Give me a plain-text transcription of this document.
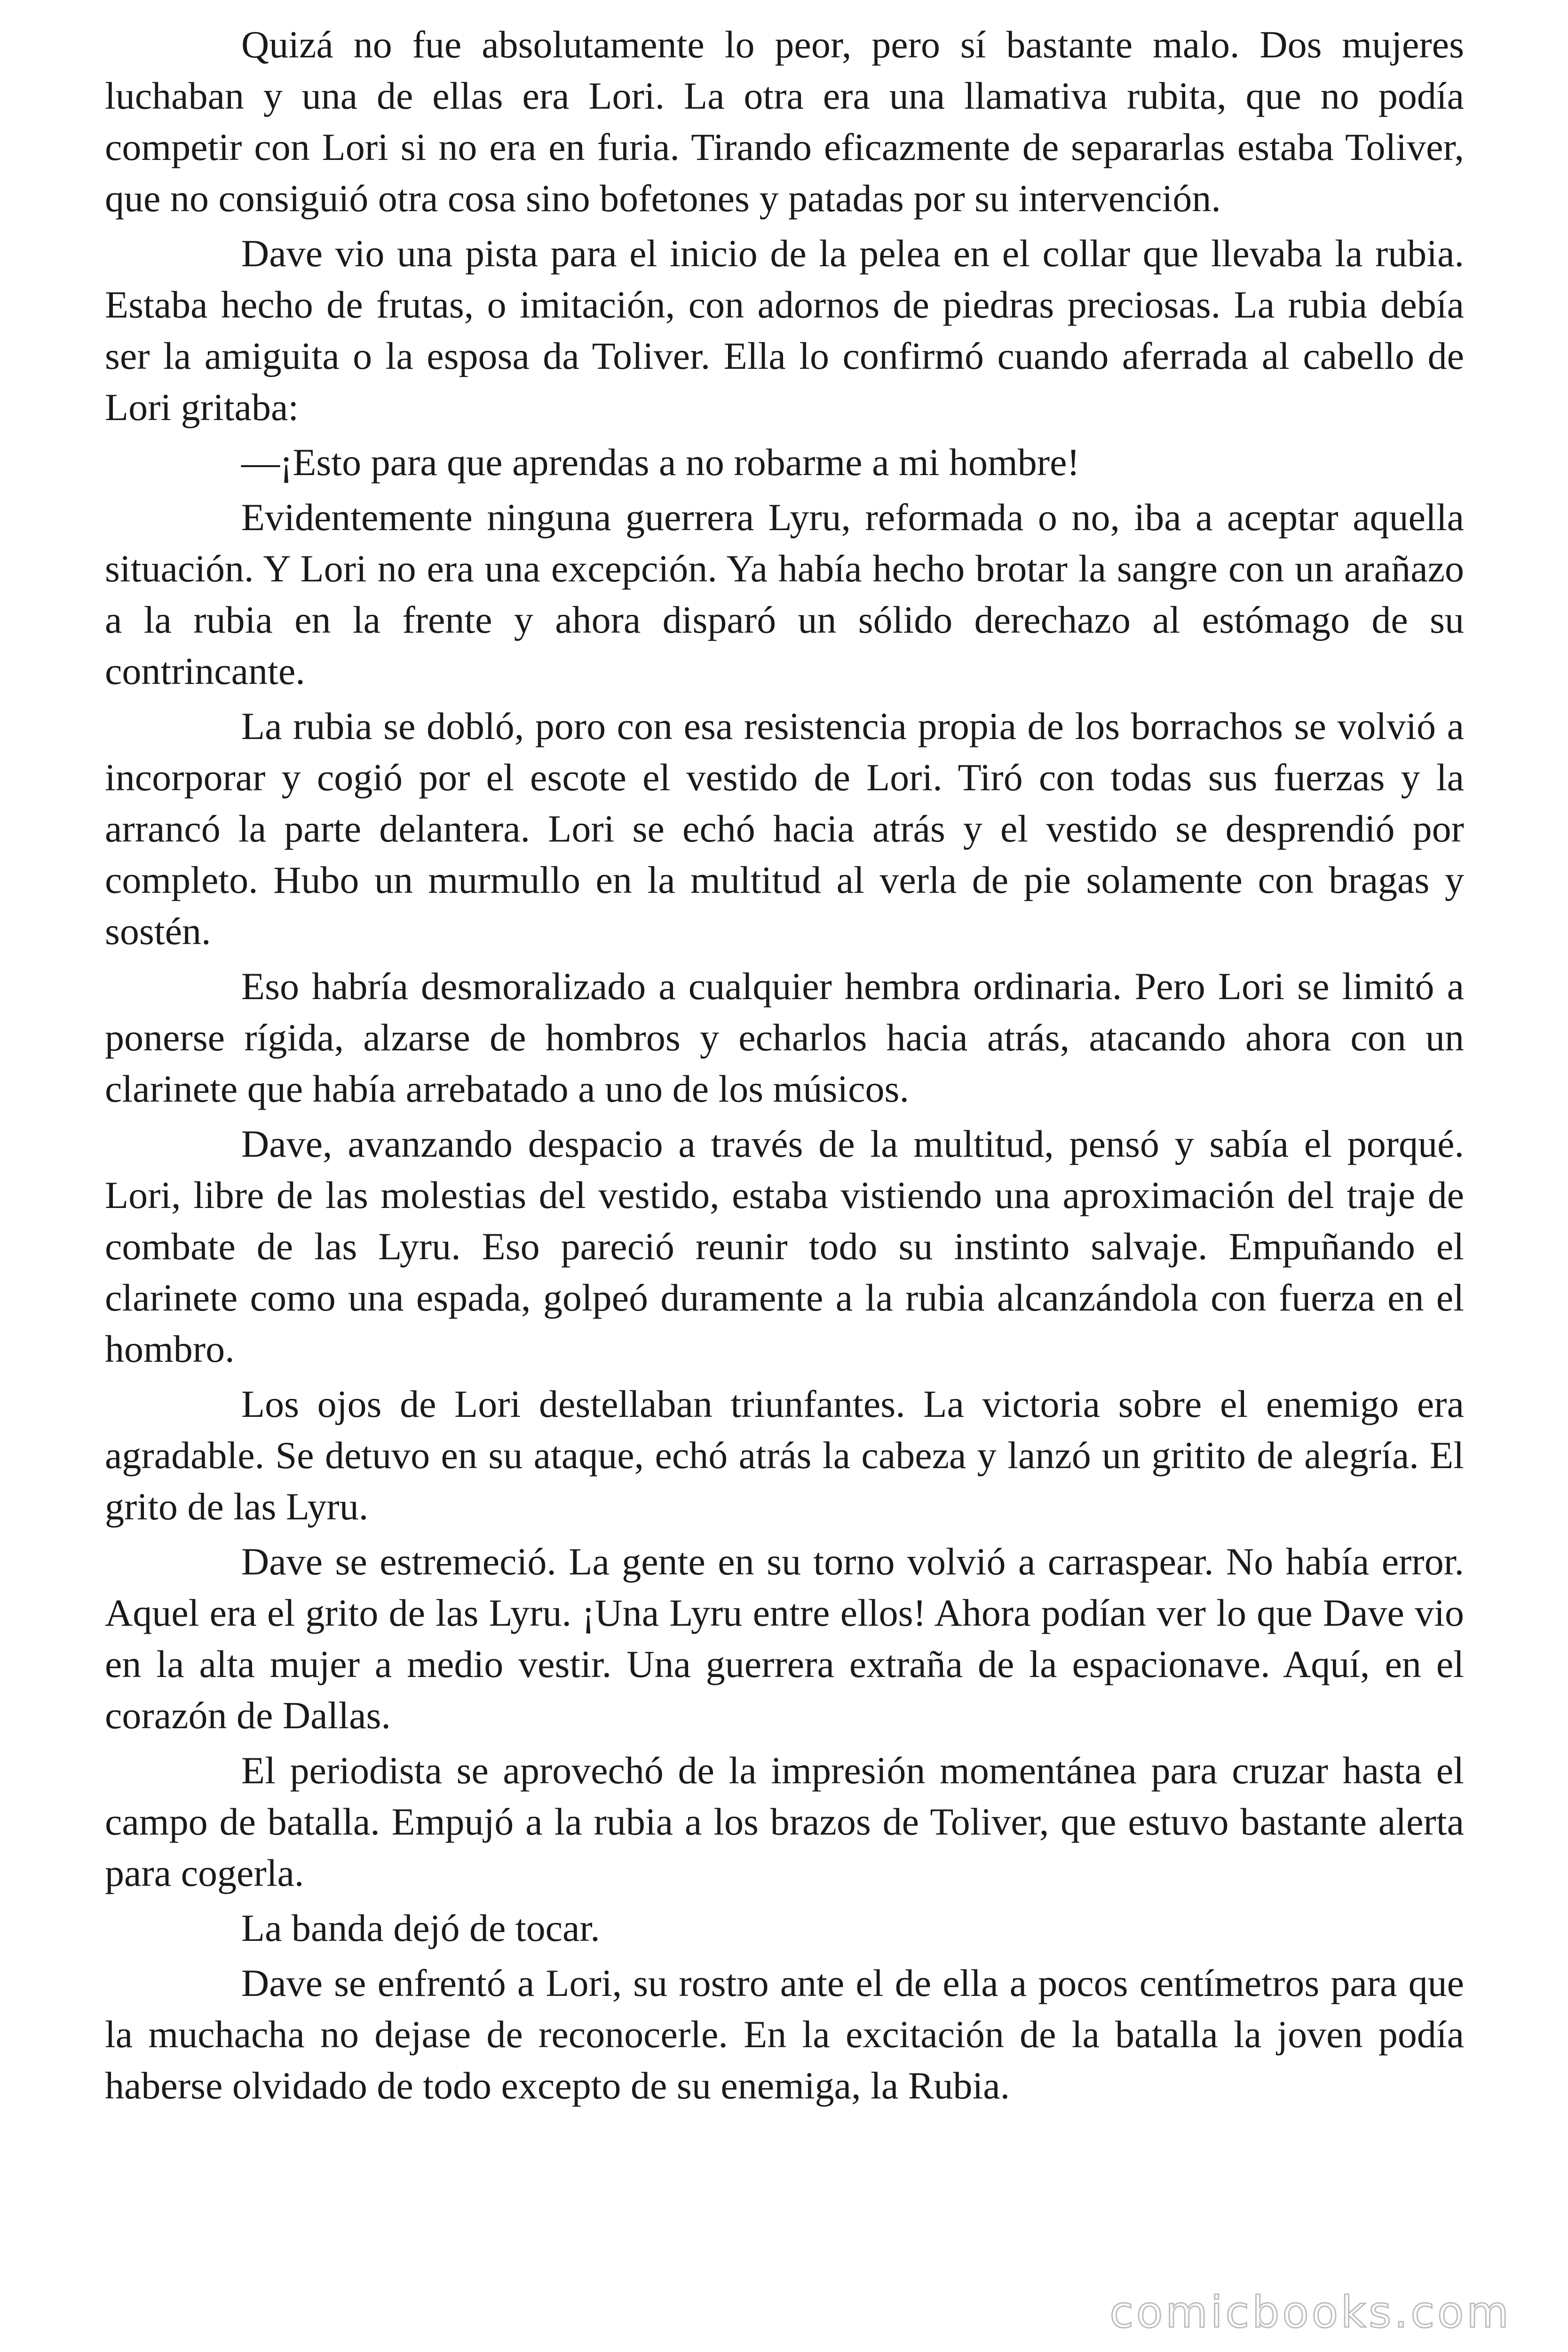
Quizá no fue absolutamente lo peor, pero sí bastante malo. Dos mujeres luchaban y una de ellas era Lori. La otra era una llamativa rubita, que no podía competir con Lori si no era en furia. Tirando eficazmente de separarlas estaba Toliver, que no consiguió otra cosa sino bofetones y patadas por su intervención.

Dave vio una pista para el inicio de la pelea en el collar que llevaba la rubia. Estaba hecho de frutas, o imitación, con adornos de piedras preciosas. La rubia debía ser la amiguita o la esposa da Toliver. Ella lo confirmó cuando aferrada al cabello de Lori gritaba:

—¡Esto para que aprendas a no robarme a mi hombre!

Evidentemente ninguna guerrera Lyru, reformada o no, iba a aceptar aquella situación. Y Lori no era una excepción. Ya había hecho brotar la sangre con un arañazo a la rubia en la frente y ahora disparó un sólido derechazo al estómago de su contrincante.

La rubia se dobló, poro con esa resistencia propia de los borrachos se volvió a incorporar y cogió por el escote el vestido de Lori. Tiró con todas sus fuerzas y la arrancó la parte delantera. Lori se echó hacia atrás y el vestido se desprendió por completo. Hubo un murmullo en la multitud al verla de pie solamente con bragas y sostén.

Eso habría desmoralizado a cualquier hembra ordinaria. Pero Lori se limitó a ponerse rígida, alzarse de hombros y echarlos hacia atrás, atacando ahora con un clarinete que había arrebatado a uno de los músicos.

Dave, avanzando despacio a través de la multitud, pensó y sabía el porqué. Lori, libre de las molestias del vestido, estaba vistiendo una aproximación del traje de combate de las Lyru. Eso pareció reunir todo su instinto salvaje. Empuñando el clarinete como una espada, golpeó duramente a la rubia alcanzándola con fuerza en el hombro.

Los ojos de Lori destellaban triunfantes. La victoria sobre el enemigo era agradable. Se detuvo en su ataque, echó atrás la cabeza y lanzó un gritito de alegría. El grito de las Lyru.

Dave se estremeció. La gente en su torno volvió a carraspear. No había error. Aquel era el grito de las Lyru. ¡Una Lyru entre ellos! Ahora podían ver lo que Dave vio en la alta mujer a medio vestir. Una guerrera extraña de la espacionave. Aquí, en el corazón de Dallas.

El periodista se aprovechó de la impresión momentánea para cruzar hasta el campo de batalla. Empujó a la rubia a los brazos de Toliver, que estuvo bastante alerta para cogerla.

La banda dejó de tocar.

Dave se enfrentó a Lori, su rostro ante el de ella a pocos centímetros para que la muchacha no dejase de reconocerle. En la excitación de la batalla la joven podía haberse olvidado de todo excepto de su enemiga, la Rubia.

comicbooks.com
